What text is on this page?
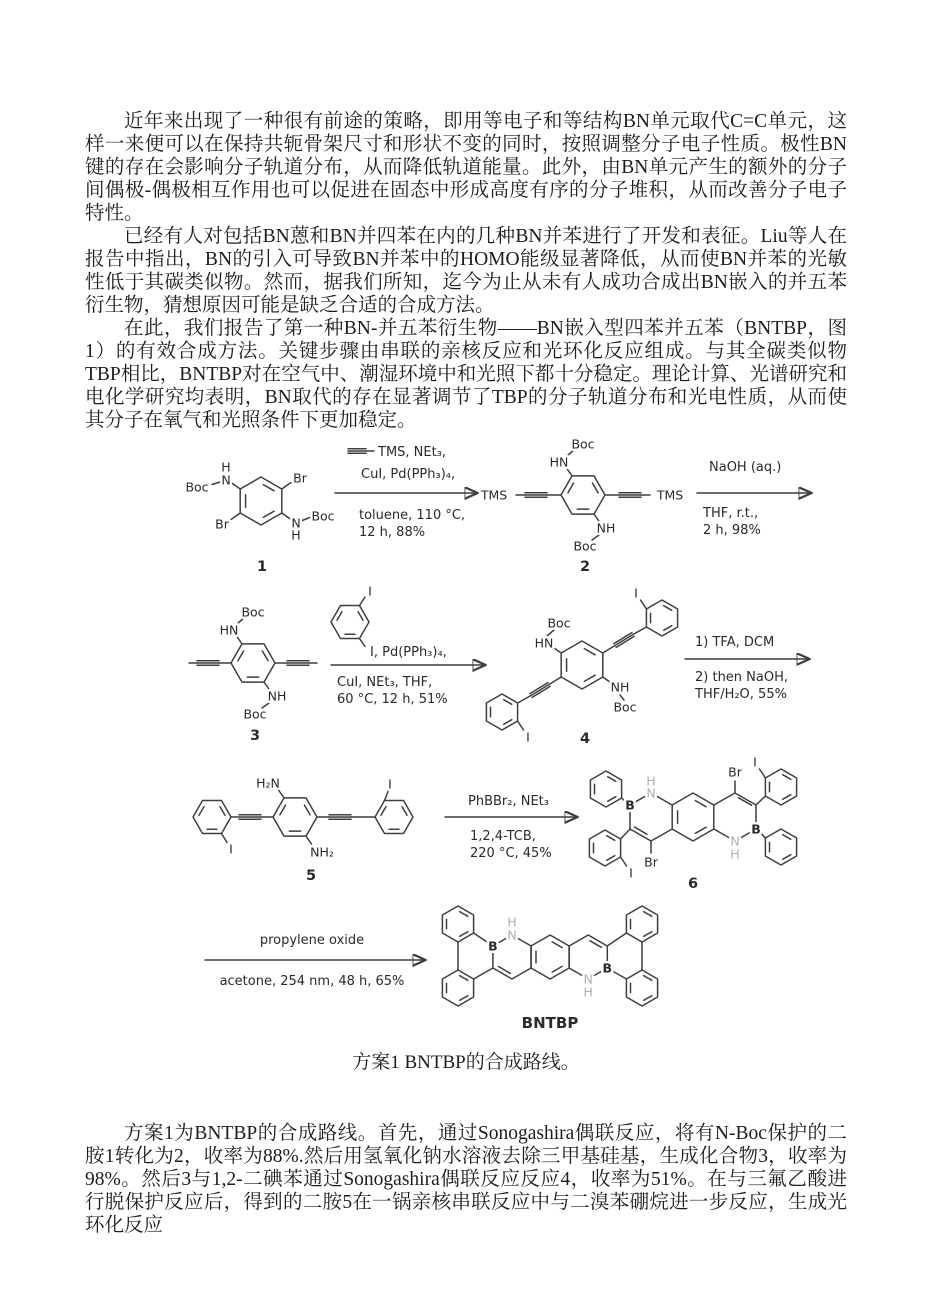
近年来出现了一种很有前途的策略，即用等电子和等结构BN单元取代C=C单元，这样一来便可以在保持共轭骨架尺寸和形状不变的同时，按照调整分子电子性质。极性BN键的存在会影响分子轨道分布，从而降低轨道能量。此外，由BN单元产生的额外的分子间偶极-偶极相互作用也可以促进在固态中形成高度有序的分子堆积，从而改善分子电子特性。

已经有人对包括BN蒽和BN并四苯在内的几种BN并苯进行了开发和表征。Liu等人在报告中指出，BN的引入可导致BN并苯中的HOMO能级显著降低，从而使BN并苯的光敏性低于其碳类似物。然而，据我们所知，迄今为止从未有人成功合成出BN嵌入的并五苯衍生物，猜想原因可能是缺乏合适的合成方法。

在此，我们报告了第一种BN-并五苯衍生物——BN嵌入型四苯并五苯（BNTBP，图1）的有效合成方法。关键步骤由串联的亲核反应和光环化反应组成。与其全碳类似物TBP相比，BNTBP对在空气中、潮湿环境中和光照下都十分稳定。理论计算、光谱研究和电化学研究均表明，BN取代的存在显著调节了TBP的分子轨道分布和光电性质，从而使其分子在氧气和光照条件下更加稳定。

H
N
Boc
Br
Br	N
H
Boc
1
TMS, NEt₃,
CuI, Pd(PPh₃)₄,
toluene, 110 °C,
12 h, 88%
HN
Boc
NH
Boc
TMS	TMS
2
NaOH (aq.)
THF, r.t.,
2 h, 98%
HN
Boc
NH
Boc
3
I
I, Pd(PPh₃)₄,
CuI, NEt₃, THF,
60 °C, 12 h, 51%
HN
Boc
I
I
NH
Boc
4
1) TFA, DCM
2) then NaOH,
THF/H₂O, 55%
H₂N
NH₂
I
I
5
PhBBr₂, NEt₃
1,2,4-TCB,
220 °C, 45%
B
H
N
I
Br
Br
I
B
N
H
6
propylene oxide
acetone, 254 nm, 48 h, 65%
B
H
N
N
H
B
BNTBP
方案1 BNTBP的合成路线。

方案1为BNTBP的合成路线。首先，通过Sonogashira偶联反应，将有N-Boc保护的二胺1转化为2，收率为88%.然后用氢氧化钠水溶液去除三甲基硅基，生成化合物3，收率为98%。然后3与1,2-二碘苯通过Sonogashira偶联反应反应4，收率为51%。在与三氟乙酸进行脱保护反应后，得到的二胺5在一锅亲核串联反应中与二溴苯硼烷进一步反应，生成光环化反应
